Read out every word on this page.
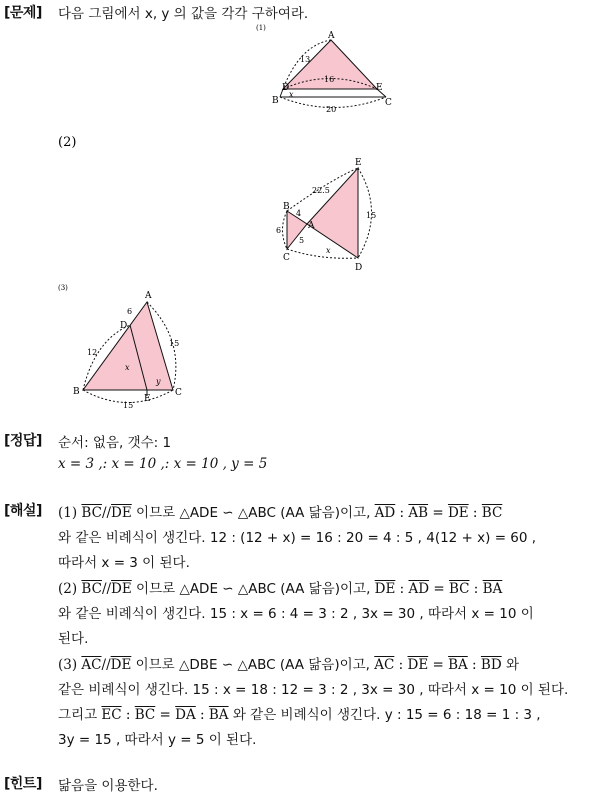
[문제] 다음 그림에서 x, y 의 값을 각각 구하여라.
(1)
A
B	C
D	E
13
16
20
x
(2)
B
C
A
E
D
22.5
4
6
5
15
x
(3)
A
D
B	C
E
6
12
15
15
x
y
[정답] 순서: 없음, 갯수: 1
x = 3 ,: x = 10 ,: x = 10 , y = 5
[해설] (1) $\overline{BC}//\overline{DE}$ 이므로 △ADE ∽ △ABC (AA 닮음)이고, $\overline{AD}$ : $\overline{AB} = \overline{DE}$ : $\overline{BC}$
와 같은 비례식이 생긴다. 12 : (12 + x) = 16 : 20 = 4 : 5 , 4(12 + x) = 60 ,
따라서 x = 3 이 된다.
(2) $\overline{BC}//\overline{DE}$ 이므로 △ADE ∽ △ABC (AA 닮음)이고, $\overline{DE}$ : $\overline{AD} = \overline{BC}$ : $\overline{BA}$
와 같은 비례식이 생긴다. 15 : x = 6 : 4 = 3 : 2 , 3x = 30 , 따라서 x = 10 이
된다.
(3) $\overline{AC}//\overline{DE}$ 이므로 △DBE ∽ △ABC (AA 닮음)이고, $\overline{AC}$ : $\overline{DE} = \overline{BA}$ : $\overline{BD}$ 와
같은 비례식이 생긴다. 15 : x = 18 : 12 = 3 : 2 , 3x = 30 , 따라서 x = 10 이 된다.
그리고 $\overline{EC}$ : $\overline{BC} = \overline{DA}$ : $\overline{BA}$ 와 같은 비례식이 생긴다. y : 15 = 6 : 18 = 1 : 3 ,
3y = 15 , 따라서 y = 5 이 된다.
[힌트] 닮음을 이용한다.
